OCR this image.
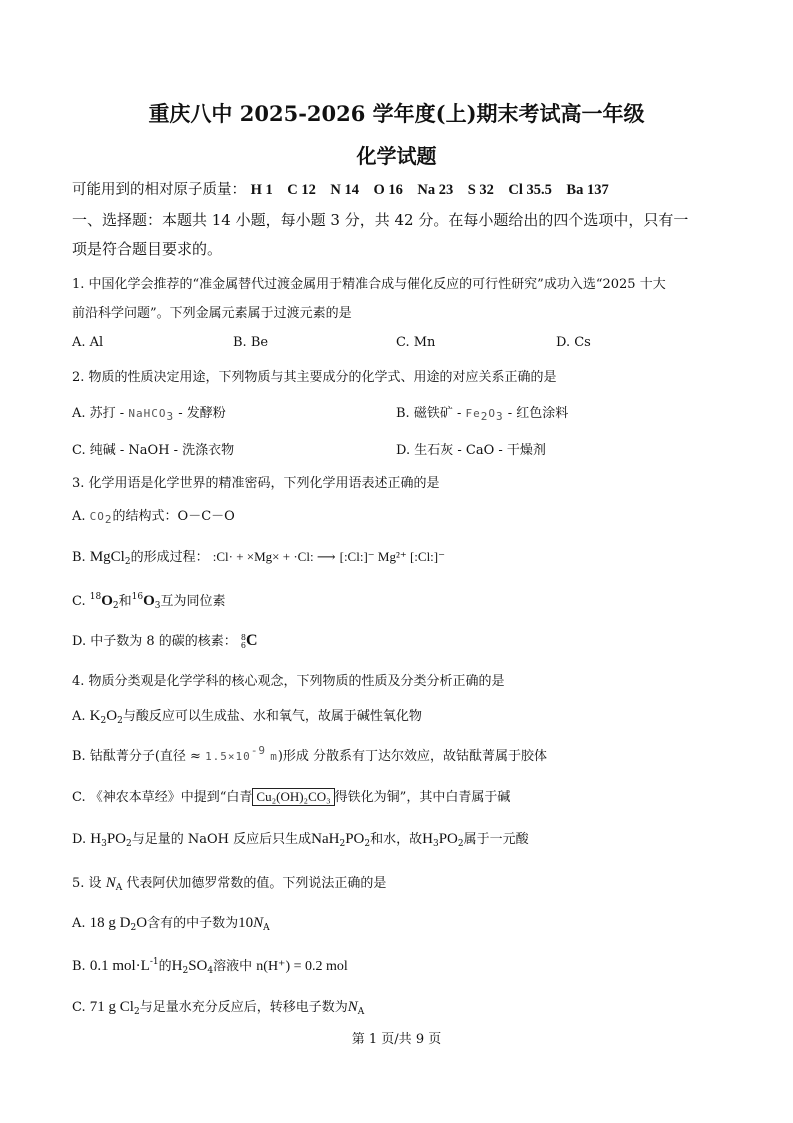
重庆八中 2025-2026 学年度(上)期末考试高一年级
化学试题
可能用到的相对原子质量： H 1    C 12    N 14    O 16    Na 23    S 32    Cl 35.5    Ba 137
一、选择题：本题共 14 小题，每小题 3 分，共 42 分。在每小题给出的四个选项中，只有一
项是符合题目要求的。
1. 中国化学会推荐的“准金属替代过渡金属用于精准合成与催化反应的可行性研究”成功入选“2025 十大
前沿科学问题”。下列金属元素属于过渡元素的是
A. Al	B. Be	C. Mn	D. Cs
2. 物质的性质决定用途，下列物质与其主要成分的化学式、用途的对应关系正确的是
A. 苏打 - NaHCO$_3$ - 发酵粉	B. 磁铁矿 - $Fe_2O_3$ - 红色涂料
C. 纯碱 - NaOH - 洗涤衣物	D. 生石灰 - CaO - 干燥剂
3. 化学用语是化学世界的精准密码，下列化学用语表述正确的是
A. $CO_2$的结构式：O－C－O
B. MgCl$_2$的形成过程： :Cl· + ×Mg× + ·Cl: ⟶ [:Cl:]⁻ Mg²⁺ [:Cl:]⁻
C. $^{18}O_2$和$^{16}O_3$互为同位素
D. 中子数为 8 的碳的核素： 8
6C
4. 物质分类观是化学学科的核心观念，下列物质的性质及分类分析正确的是
A. $K_2O_2$与酸反应可以生成盐、水和氧气，故属于碱性氧化物
B. 钴酞菁分子(直径 ≈ $1.5\times 10^{-9}$ m)形成 分散系有丁达尔效应，故钴酞菁属于胶体
C. 《神农本草经》中提到“白青 Cu₂(OH)₂CO₃ 得铁化为铜”，其中白青属于碱
D. $H_3PO_2$与足量的 NaOH 反应后只生成$NaH_2PO_2$和水，故$H_3PO_2$属于一元酸
5. 设 $N_A$ 代表阿伏加德罗常数的值。下列说法正确的是
A. 18 g $D_2O$含有的中子数为$10N_A$
B. 0.1 $mol\cdot L^{-1}$的$H_2SO_4$溶液中 n(H⁺) = 0.2 mol
C. 71 g $Cl_2$与足量水充分反应后，转移电子数为$N_A$
第 1 页/共 9 页
